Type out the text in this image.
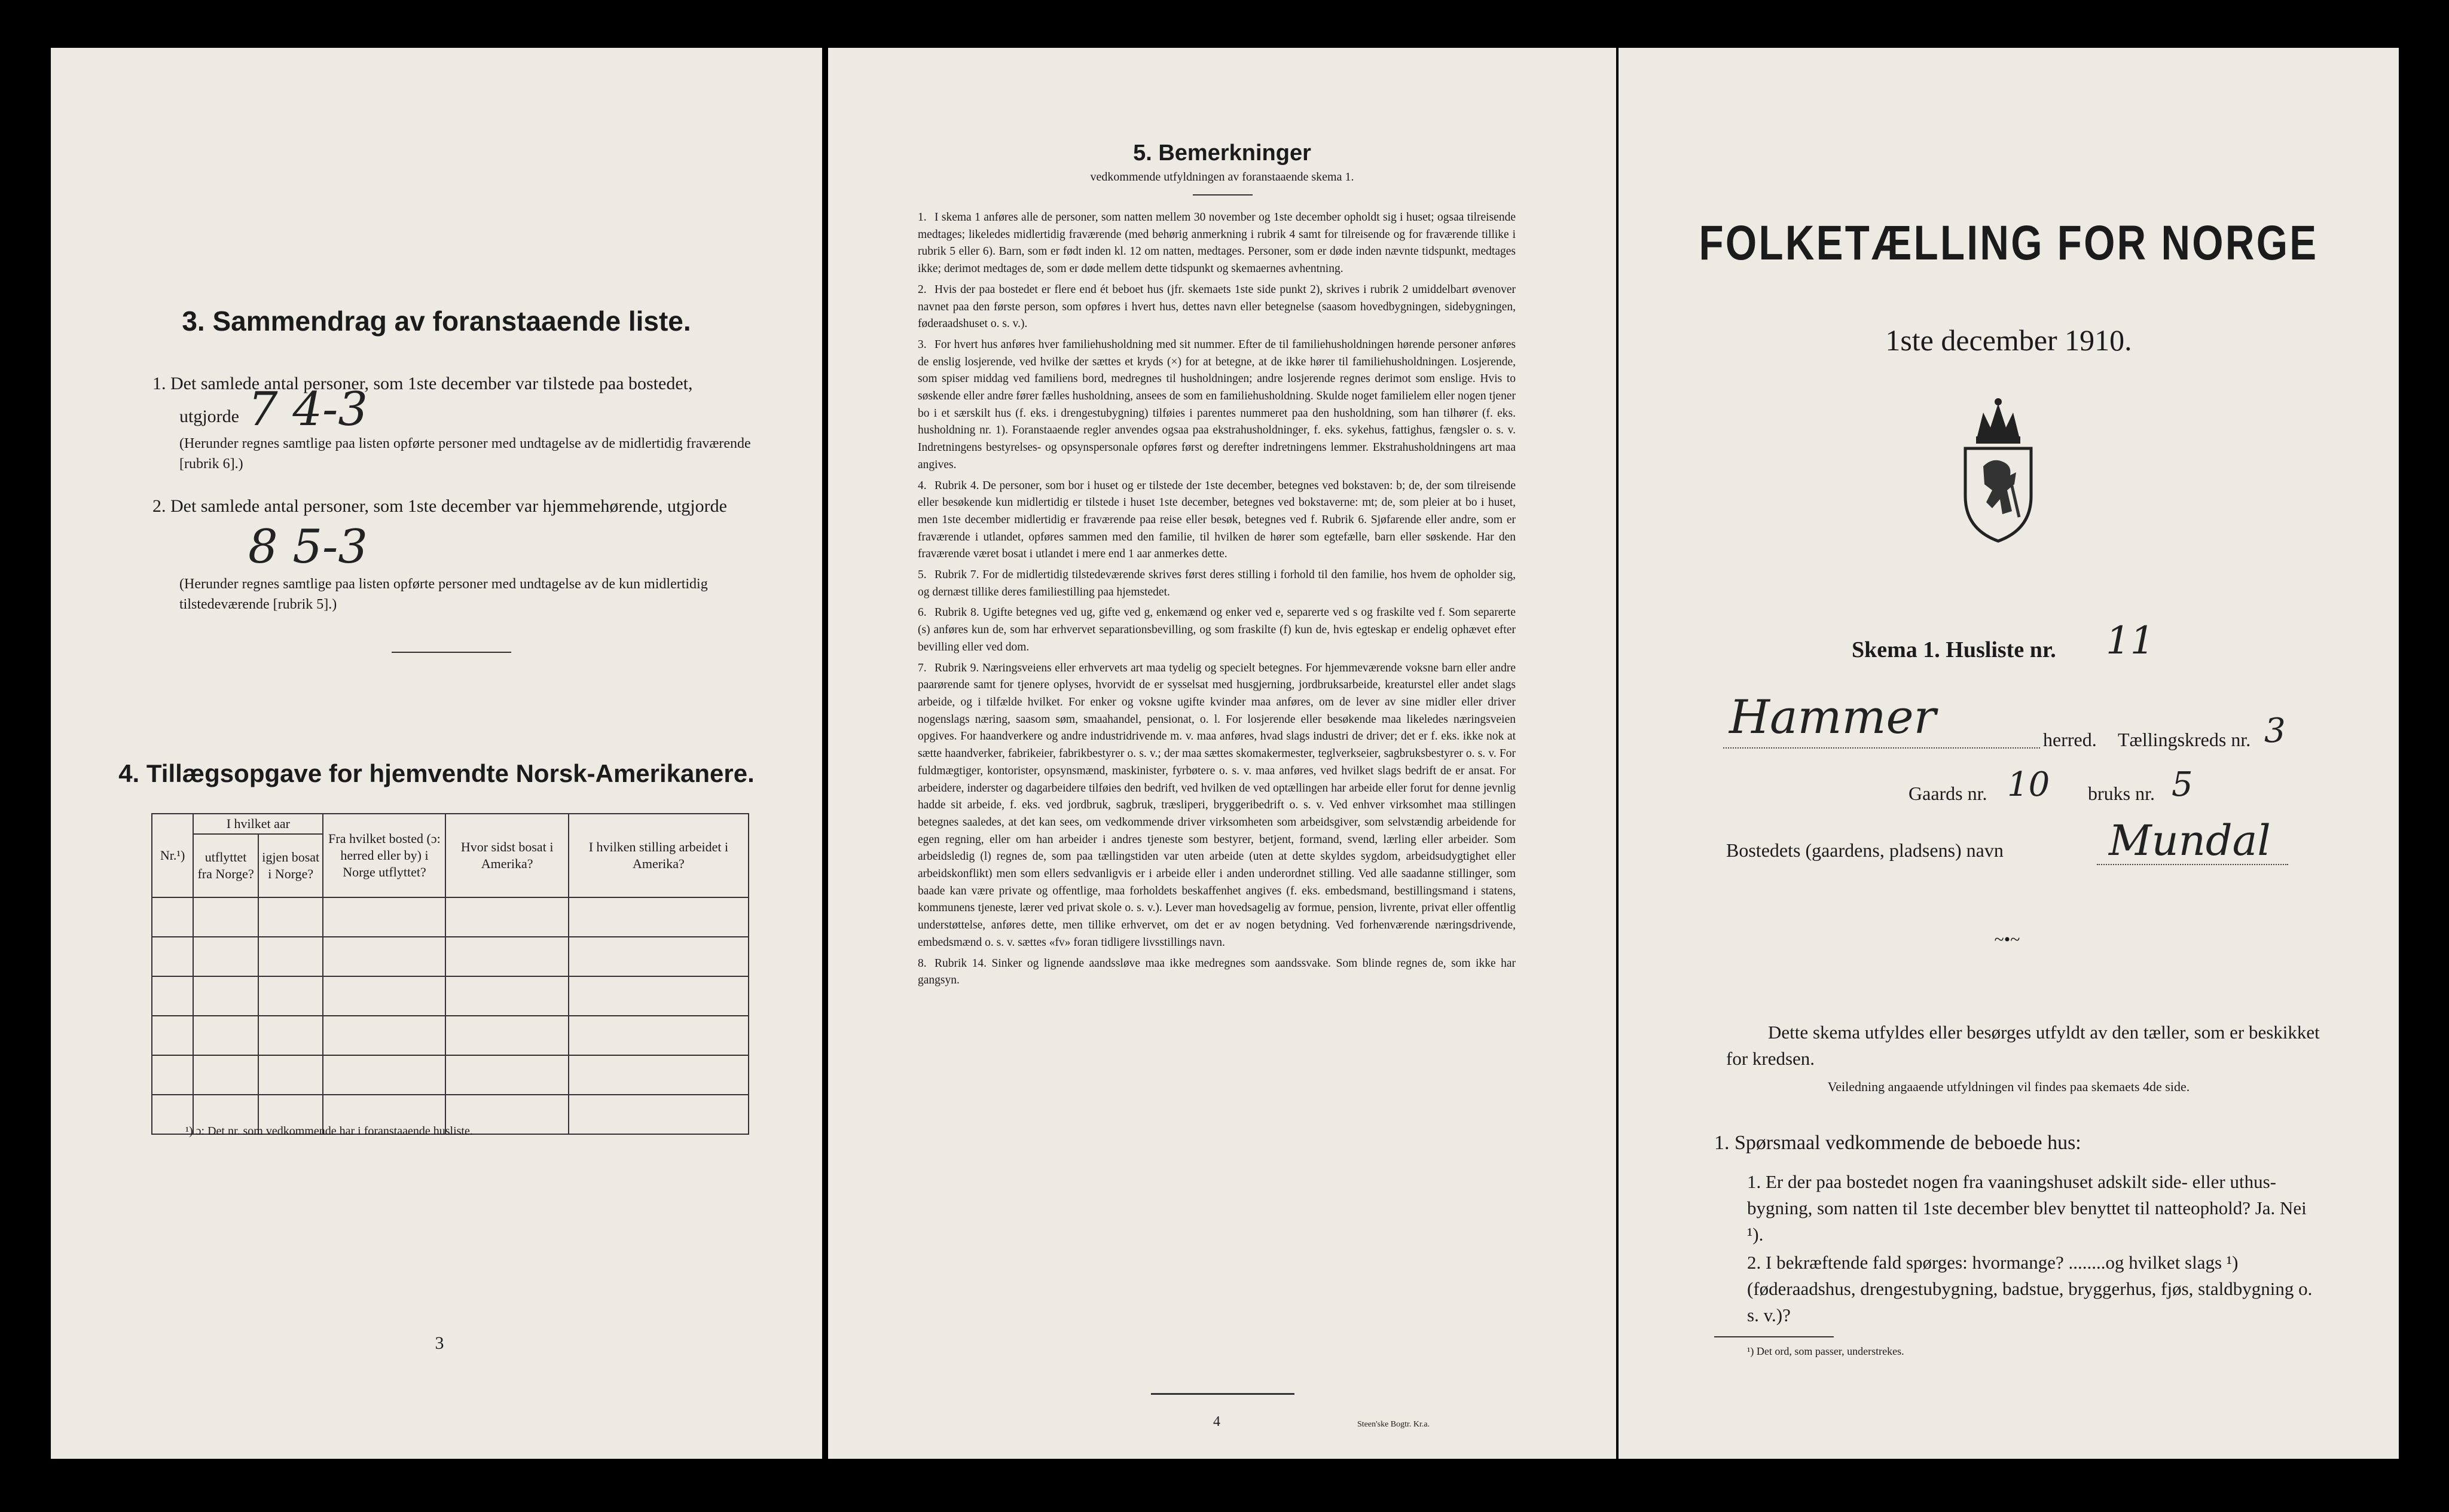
3. Sammendrag av foranstaaende liste.
1. Det samlede antal personer, som 1ste december var tilstede paa bostedet,
utgjorde 7 4-3
(Herunder regnes samtlige paa listen opførte personer med undtagelse av de midlertidig fraværende [rubrik 6].)
2. Det samlede antal personer, som 1ste december var hjemmehørende, utgjorde
8 5-3
(Herunder regnes samtlige paa listen opførte personer med undtagelse av de kun midlertidig tilstedeværende [rubrik 5].)
4. Tillægsopgave for hjemvendte Norsk-Amerikanere.
Nr.¹)	I hvilket aar		Fra hvilket bosted (ɔ: herred eller by) i Norge utflyttet?	Hvor sidst bosat i Amerika?	I hvilken stilling arbeidet i Amerika?
	utflyttet fra Norge?	igjen bosat i Norge?			

¹) ɔ: Det nr. som vedkommende har i foranstaaende husliste.
3
5. Bemerkninger
vedkommende utfyldningen av foranstaaende skema 1.
1. I skema 1 anføres alle de personer, som natten mellem 30 november og 1ste december opholdt sig i huset; ogsaa tilreisende medtages; likeledes midlertidig fraværende (med behørig anmerkning i rubrik 4 samt for tilreisende og for fraværende tillike i rubrik 5 eller 6). Barn, som er født inden kl. 12 om natten, medtages. Personer, som er døde inden nævnte tidspunkt, medtages ikke; derimot medtages de, som er døde mellem dette tidspunkt og skemaernes avhentning.
2. Hvis der paa bostedet er flere end ét beboet hus (jfr. skemaets 1ste side punkt 2), skrives i rubrik 2 umiddelbart øvenover navnet paa den første person, som opføres i hvert hus, dettes navn eller betegnelse (saasom hovedbygningen, sidebygningen, føderaadshuset o. s. v.).
3. For hvert hus anføres hver familiehusholdning med sit nummer. Efter de til familiehusholdningen hørende personer anføres de enslig losjerende, ved hvilke der sættes et kryds (×) for at betegne, at de ikke hører til familiehusholdningen. Losjerende, som spiser middag ved familiens bord, medregnes til husholdningen; andre losjerende regnes derimot som enslige. Hvis to søskende eller andre fører fælles husholdning, ansees de som en familiehusholdning. Skulde noget familielem eller nogen tjener bo i et særskilt hus (f. eks. i drengestubygning) tilføies i parentes nummeret paa den husholdning, som han tilhører (f. eks. husholdning nr. 1). Foranstaaende regler anvendes ogsaa paa ekstrahusholdninger, f. eks. sykehus, fattighus, fængsler o. s. v. Indretningens bestyrelses- og opsynspersonale opføres først og derefter indretningens lemmer. Ekstrahusholdningens art maa angives.
4. Rubrik 4. De personer, som bor i huset og er tilstede der 1ste december, betegnes ved bokstaven: b; de, der som tilreisende eller besøkende kun midlertidig er tilstede i huset 1ste december, betegnes ved bokstaverne: mt; de, som pleier at bo i huset, men 1ste december midlertidig er fraværende paa reise eller besøk, betegnes ved f. Rubrik 6. Sjøfarende eller andre, som er fraværende i utlandet, opføres sammen med den familie, til hvilken de hører som egtefælle, barn eller søskende. Har den fraværende været bosat i utlandet i mere end 1 aar anmerkes dette.
5. Rubrik 7. For de midlertidig tilstedeværende skrives først deres stilling i forhold til den familie, hos hvem de opholder sig, og dernæst tillike deres familiestilling paa hjemstedet.
6. Rubrik 8. Ugifte betegnes ved ug, gifte ved g, enkemænd og enker ved e, separerte ved s og fraskilte ved f. Som separerte (s) anføres kun de, som har erhvervet separationsbevilling, og som fraskilte (f) kun de, hvis egteskap er endelig ophævet efter bevilling eller ved dom.
7. Rubrik 9. Næringsveiens eller erhvervets art maa tydelig og specielt betegnes. For hjemmeværende voksne barn eller andre paarørende samt for tjenere oplyses, hvorvidt de er sysselsat med husgjerning, jordbruksarbeide, kreaturstel eller andet slags arbeide, og i tilfælde hvilket. For enker og voksne ugifte kvinder maa anføres, om de lever av sine midler eller driver nogenslags næring, saasom søm, smaahandel, pensionat, o. l. For losjerende eller besøkende maa likeledes næringsveien opgives. For haandverkere og andre industridrivende m. v. maa anføres, hvad slags industri de driver; det er f. eks. ikke nok at sætte haandverker, fabrikeier, fabrikbestyrer o. s. v.; der maa sættes skomakermester, teglverkseier, sagbruksbestyrer o. s. v. For fuldmægtiger, kontorister, opsynsmænd, maskinister, fyrbøtere o. s. v. maa anføres, ved hvilket slags bedrift de er ansat. For arbeidere, inderster og dagarbeidere tilføies den bedrift, ved hvilken de ved optællingen har arbeide eller forut for denne jevnlig hadde sit arbeide, f. eks. ved jordbruk, sagbruk, træsliperi, bryggeribedrift o. s. v. Ved enhver virksomhet maa stillingen betegnes saaledes, at det kan sees, om vedkommende driver virksomheten som arbeidsgiver, som selvstændig arbeidende for egen regning, eller om han arbeider i andres tjeneste som bestyrer, betjent, formand, svend, lærling eller arbeider. Som arbeidsledig (l) regnes de, som paa tællingstiden var uten arbeide (uten at dette skyldes sygdom, arbeidsudygtighet eller arbeidskonflikt) men som ellers sedvanligvis er i arbeide eller i anden underordnet stilling. Ved alle saadanne stillinger, som baade kan være private og offentlige, maa forholdets beskaffenhet angives (f. eks. embedsmand, bestillingsmand i statens, kommunens tjeneste, lærer ved privat skole o. s. v.). Lever man hovedsagelig av formue, pension, livrente, privat eller offentlig understøttelse, anføres dette, men tillike erhvervet, om det er av nogen betydning. Ved forhenværende næringsdrivende, embedsmænd o. s. v. sættes «fv» foran tidligere livsstillings navn.
8. Rubrik 14. Sinker og lignende aandssløve maa ikke medregnes som aandssvake. Som blinde regnes de, som ikke har gangsyn.
4	Steen'ske Bogtr. Kr.a.
FOLKETÆLLING FOR NORGE
1ste december 1910.
Skema 1. Husliste nr. 11
Hammer	herred. Tællingskreds nr. 3
Gaards nr. 10 bruks nr. 5
Bostedets (gaardens, pladsens) navn	Mundal
~•~
Dette skema utfyldes eller besørges utfyldt av den tæller, som er beskikket for kredsen.
Veiledning angaaende utfyldningen vil findes paa skemaets 4de side.
1. Spørsmaal vedkommende de beboede hus:
1. Er der paa bostedet nogen fra vaaningshuset adskilt side- eller uthus-bygning, som natten til 1ste december blev benyttet til natteophold? Ja. Nei ¹).
2. I bekræftende fald spørges: hvormange? ........og hvilket slags ¹) (føderaadshus, drengestubygning, badstue, bryggerhus, fjøs, staldbygning o. s. v.)?
¹) Det ord, som passer, understrekes.
